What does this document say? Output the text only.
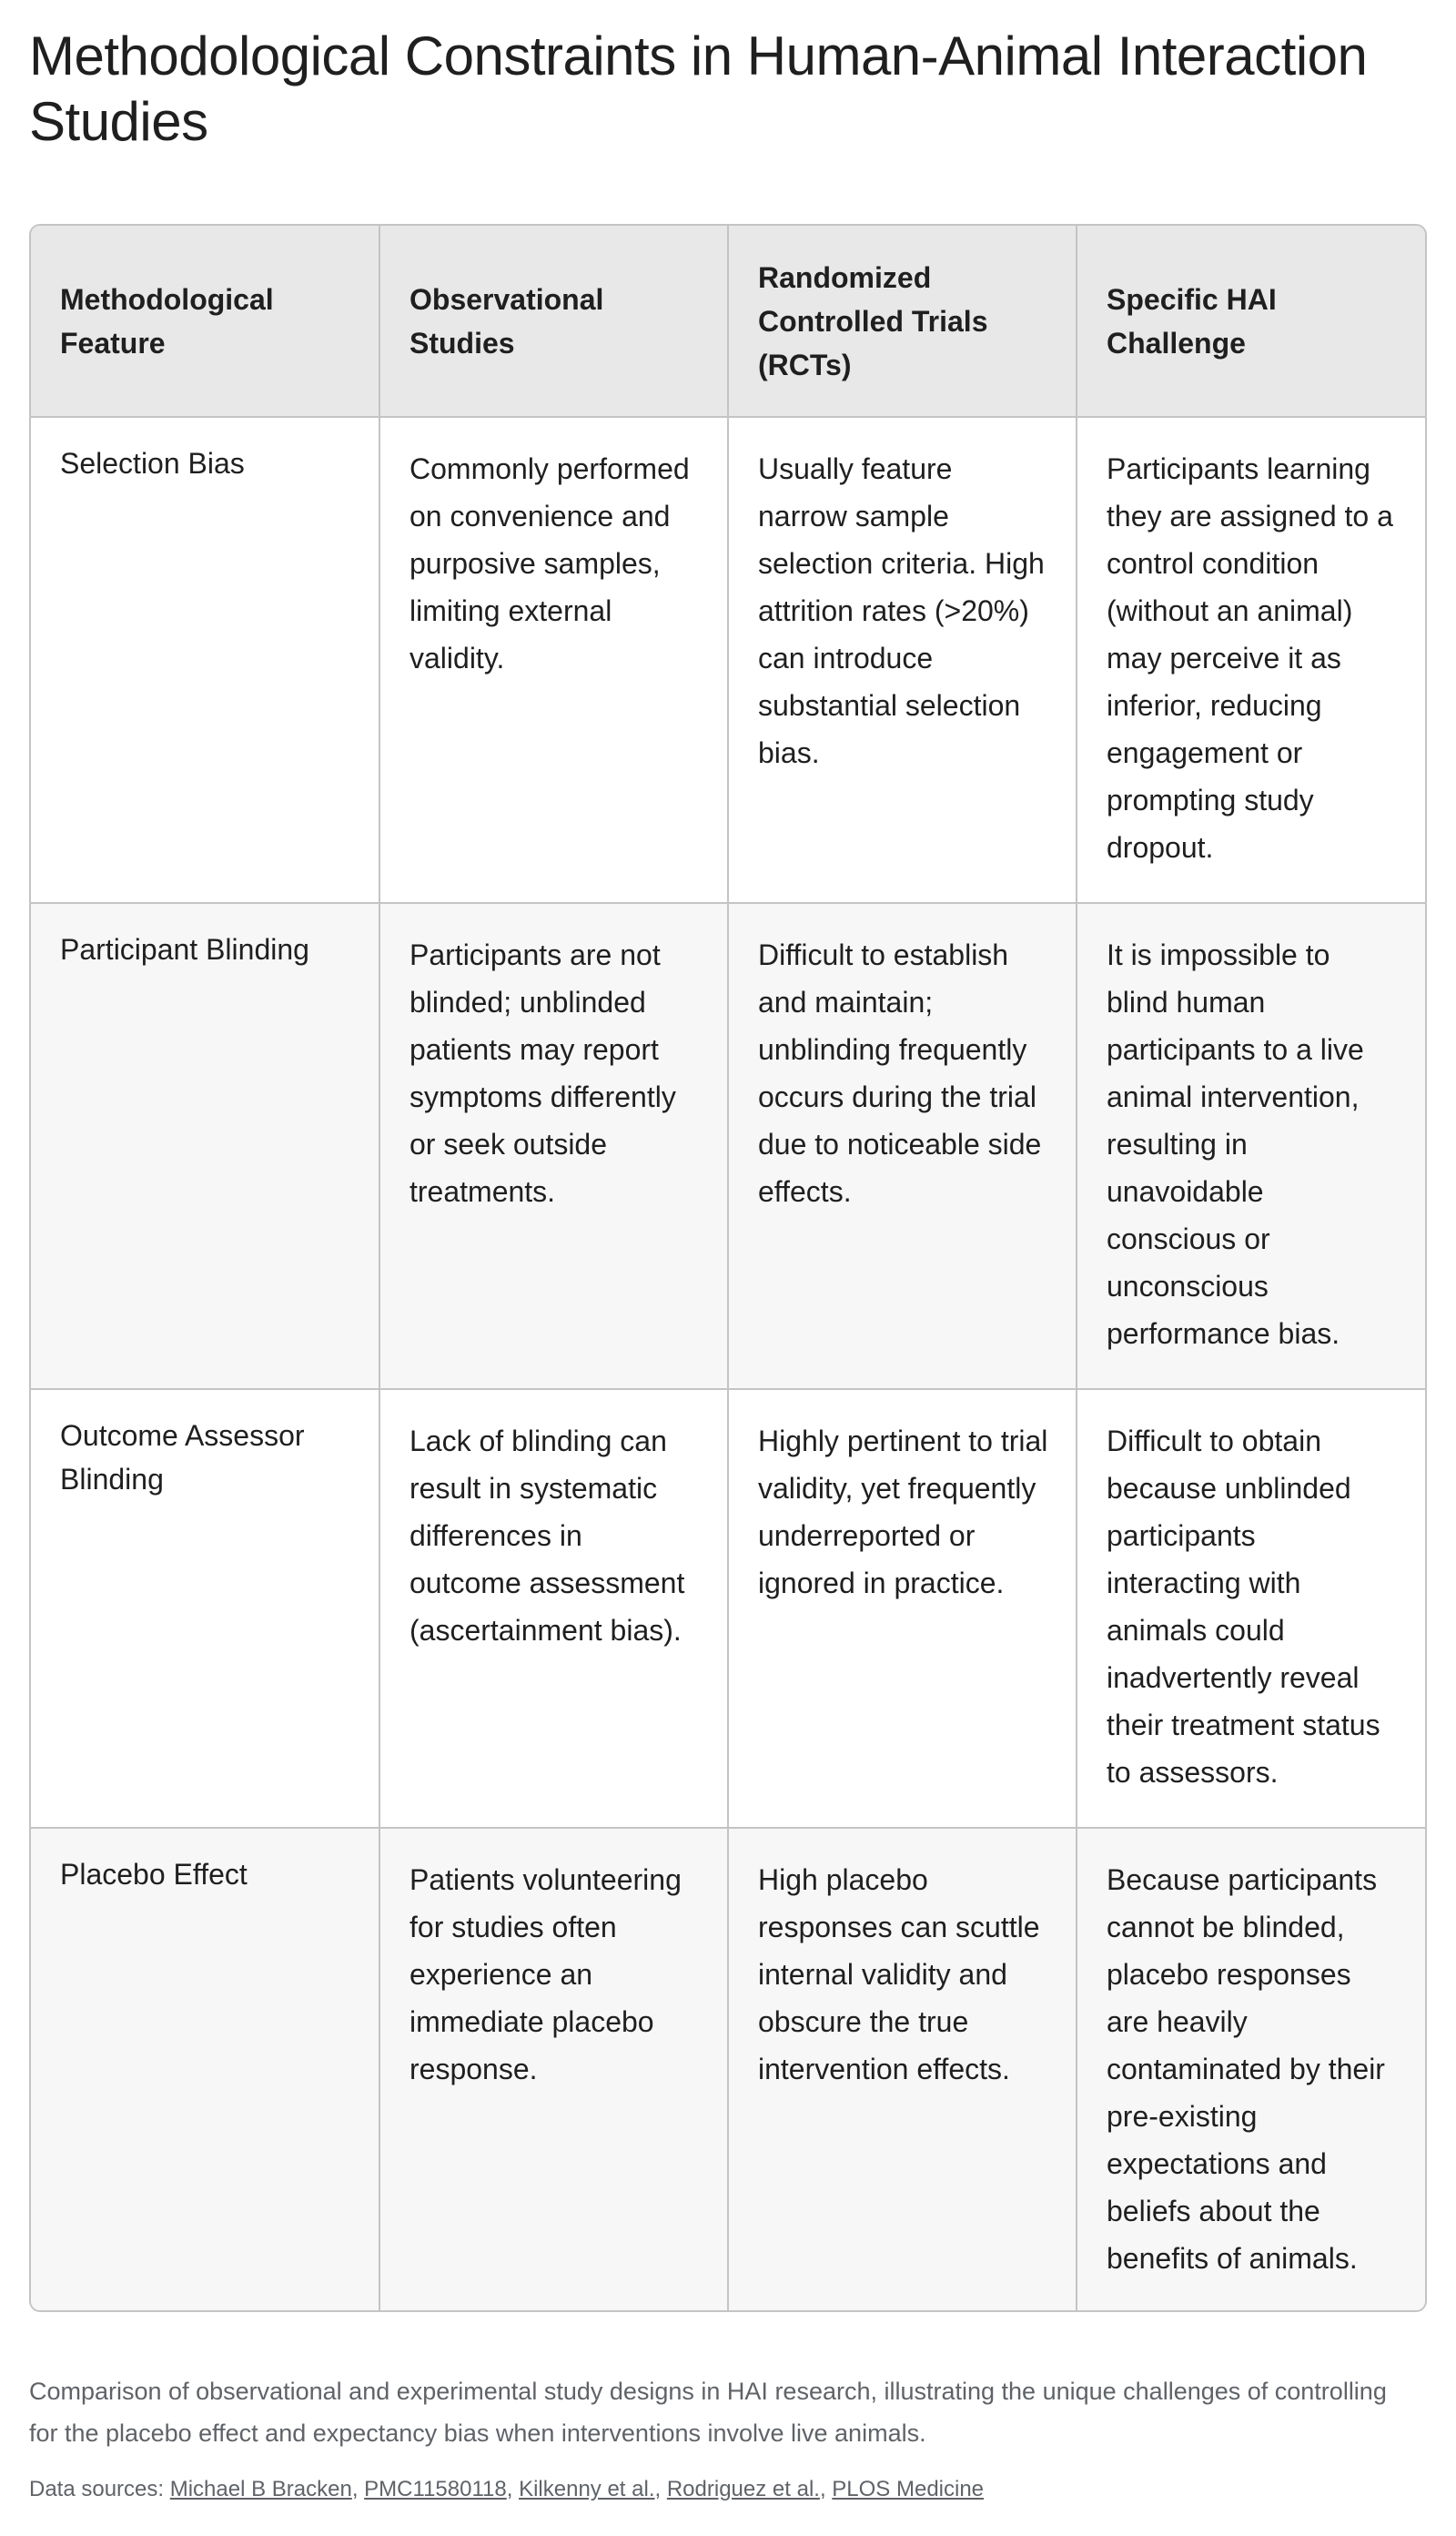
Methodological Constraints in Human-Animal Interaction Studies
Methodological Feature	Observational Studies	Randomized Controlled Trials (RCTs)	Specific HAI Challenge
Selection Bias	Commonly performed on convenience and purposive samples, limiting external validity.	Usually feature narrow sample selection criteria. High attrition rates (>20%) can introduce substantial selection bias.	Participants learning they are assigned to a control condition (without an animal) may perceive it as inferior, reducing engagement or prompting study dropout.
Participant Blinding	Participants are not blinded; unblinded patients may report symptoms differently or seek outside treatments.	Difficult to establish and maintain; unblinding frequently occurs during the trial due to noticeable side effects.	It is impossible to blind human participants to a live animal intervention, resulting in unavoidable conscious or unconscious performance bias.
Outcome Assessor Blinding	Lack of blinding can result in systematic differences in outcome assessment (ascertainment bias).	Highly pertinent to trial validity, yet frequently underreported or ignored in practice.	Difficult to obtain because unblinded participants interacting with animals could inadvertently reveal their treatment status to assessors.
Placebo Effect	Patients volunteering for studies often experience an immediate placebo response.	High placebo responses can scuttle internal validity and obscure the true intervention effects.	Because participants cannot be blinded, placebo responses are heavily contaminated by their pre-existing expectations and beliefs about the benefits of animals.

Comparison of observational and experimental study designs in HAI research, illustrating the unique challenges of controlling for the placebo effect and expectancy bias when interventions involve live animals.

Data sources: Michael B Bracken, PMC11580118, Kilkenny et al., Rodriguez et al., PLOS Medicine
